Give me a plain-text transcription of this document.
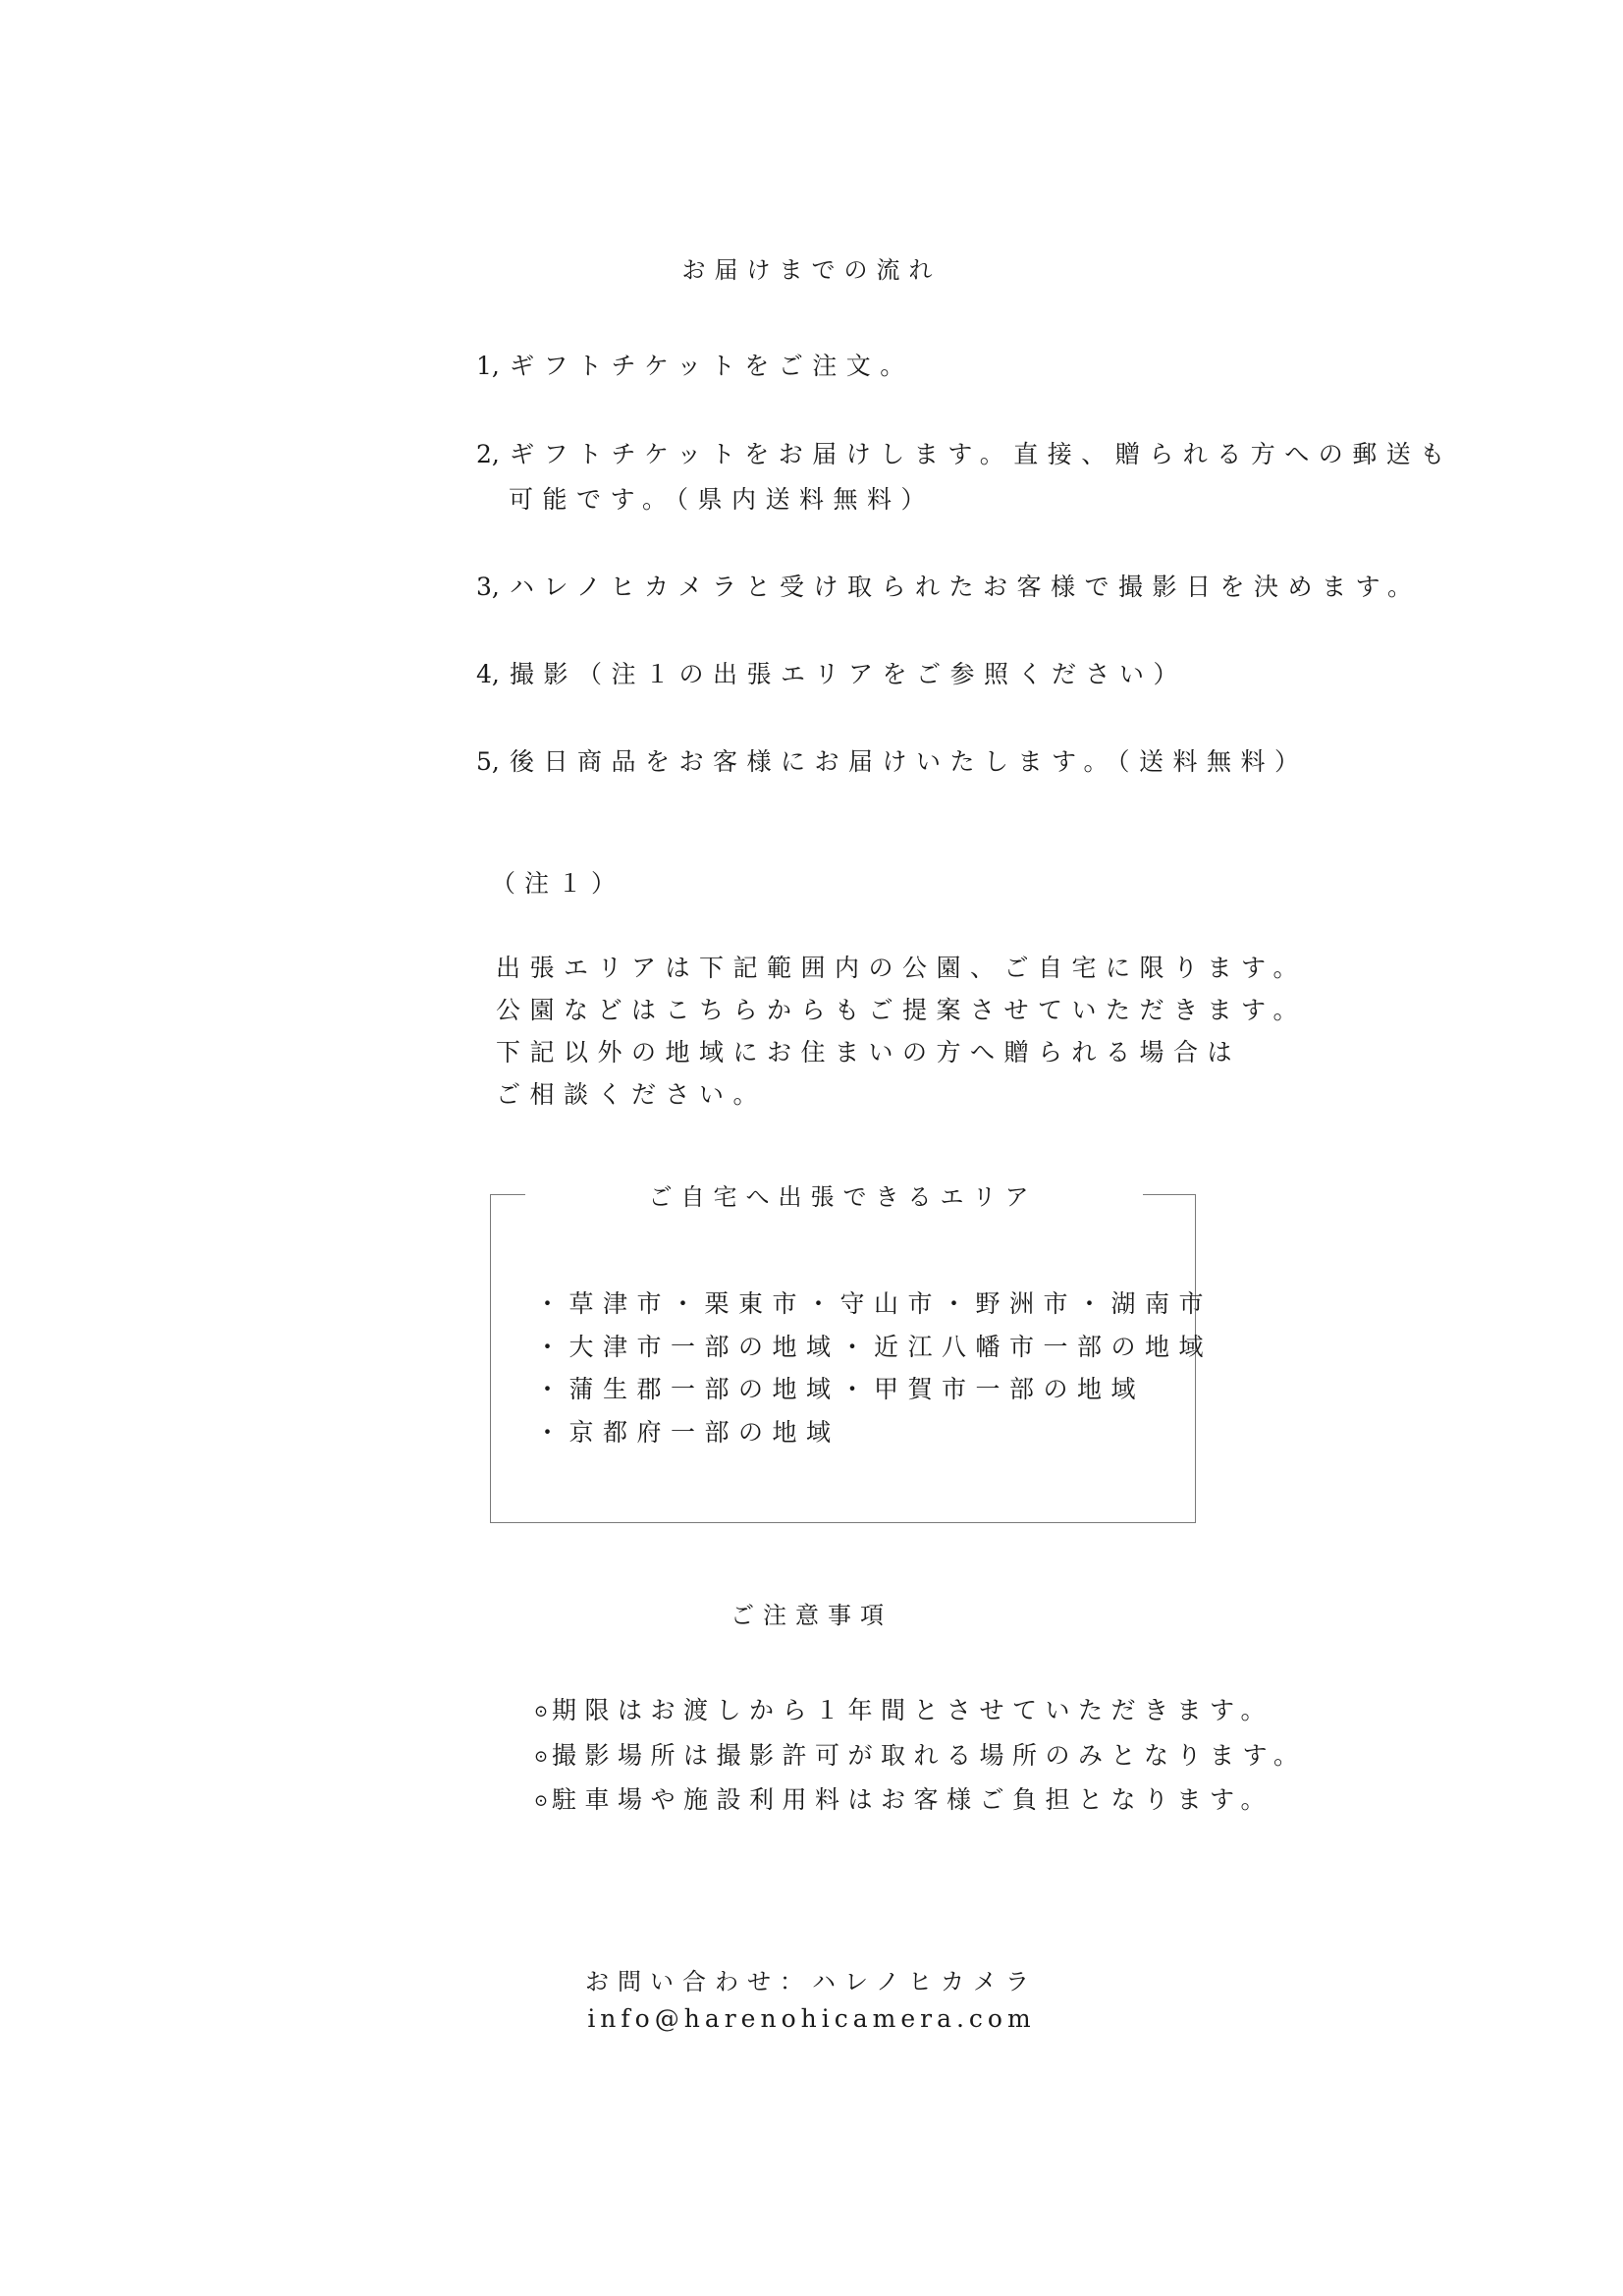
お届けまでの流れ
1, ギフトチケットをご注文。
2, ギフトチケットをお届けします。直接、贈られる方への郵送も
可能です。（県内送料無料）
3, ハレノヒカメラと受け取られたお客様で撮影日を決めます。
4, 撮影（注１の出張エリアをご参照ください）
5, 後日商品をお客様にお届けいたします。（送料無料）
（注１）
出張エリアは下記範囲内の公園、ご自宅に限ります。
公園などはこちらからもご提案させていただきます。
下記以外の地域にお住まいの方へ贈られる場合は
ご相談ください。
ご自宅へ出張できるエリア
・草津市・栗東市・守山市・野洲市・湖南市
・大津市一部の地域・近江八幡市一部の地域
・蒲生郡一部の地域・甲賀市一部の地域
・京都府一部の地域
ご注意事項
⊙ 期限はお渡しから１年間とさせていただきます。
⊙ 撮影場所は撮影許可が取れる場所のみとなります。
⊙ 駐車場や施設利用料はお客様ご負担となります。
お問い合わせ：ハレノヒカメラ
info@harenohicamera.com
